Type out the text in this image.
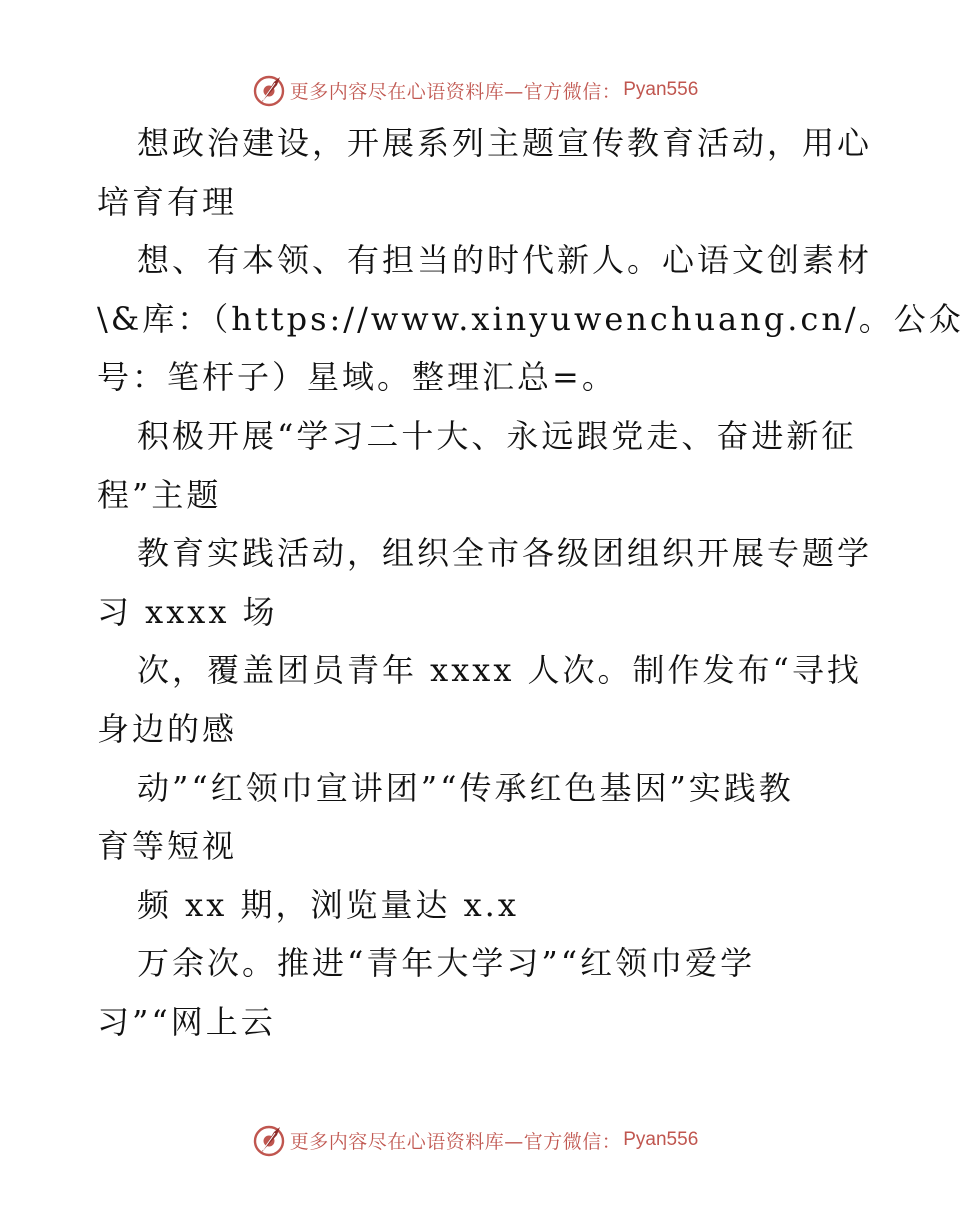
更多内容尽在心语资料库—官方微信： Pyan556
想政治建设，开展系列主题宣传教育活动，用心
培育有理
想、有本领、有担当的时代新人。心语文创素材
\&库：（https://www.xinyuwenchuang.cn/。公众
号：笔杆子）星域。整理汇总=。
积极开展“学习二十大、永远跟党走、奋进新征
程”主题
教育实践活动，组织全市各级团组织开展专题学
习 xxxx 场
次，覆盖团员青年 xxxx 人次。制作发布“寻找
身边的感
动”“红领巾宣讲团”“传承红色基因”实践教
育等短视
频 xx 期，浏览量达 x.x
万余次。推进“青年大学习”“红领巾爱学
习”“网上云
更多内容尽在心语资料库—官方微信： Pyan556
